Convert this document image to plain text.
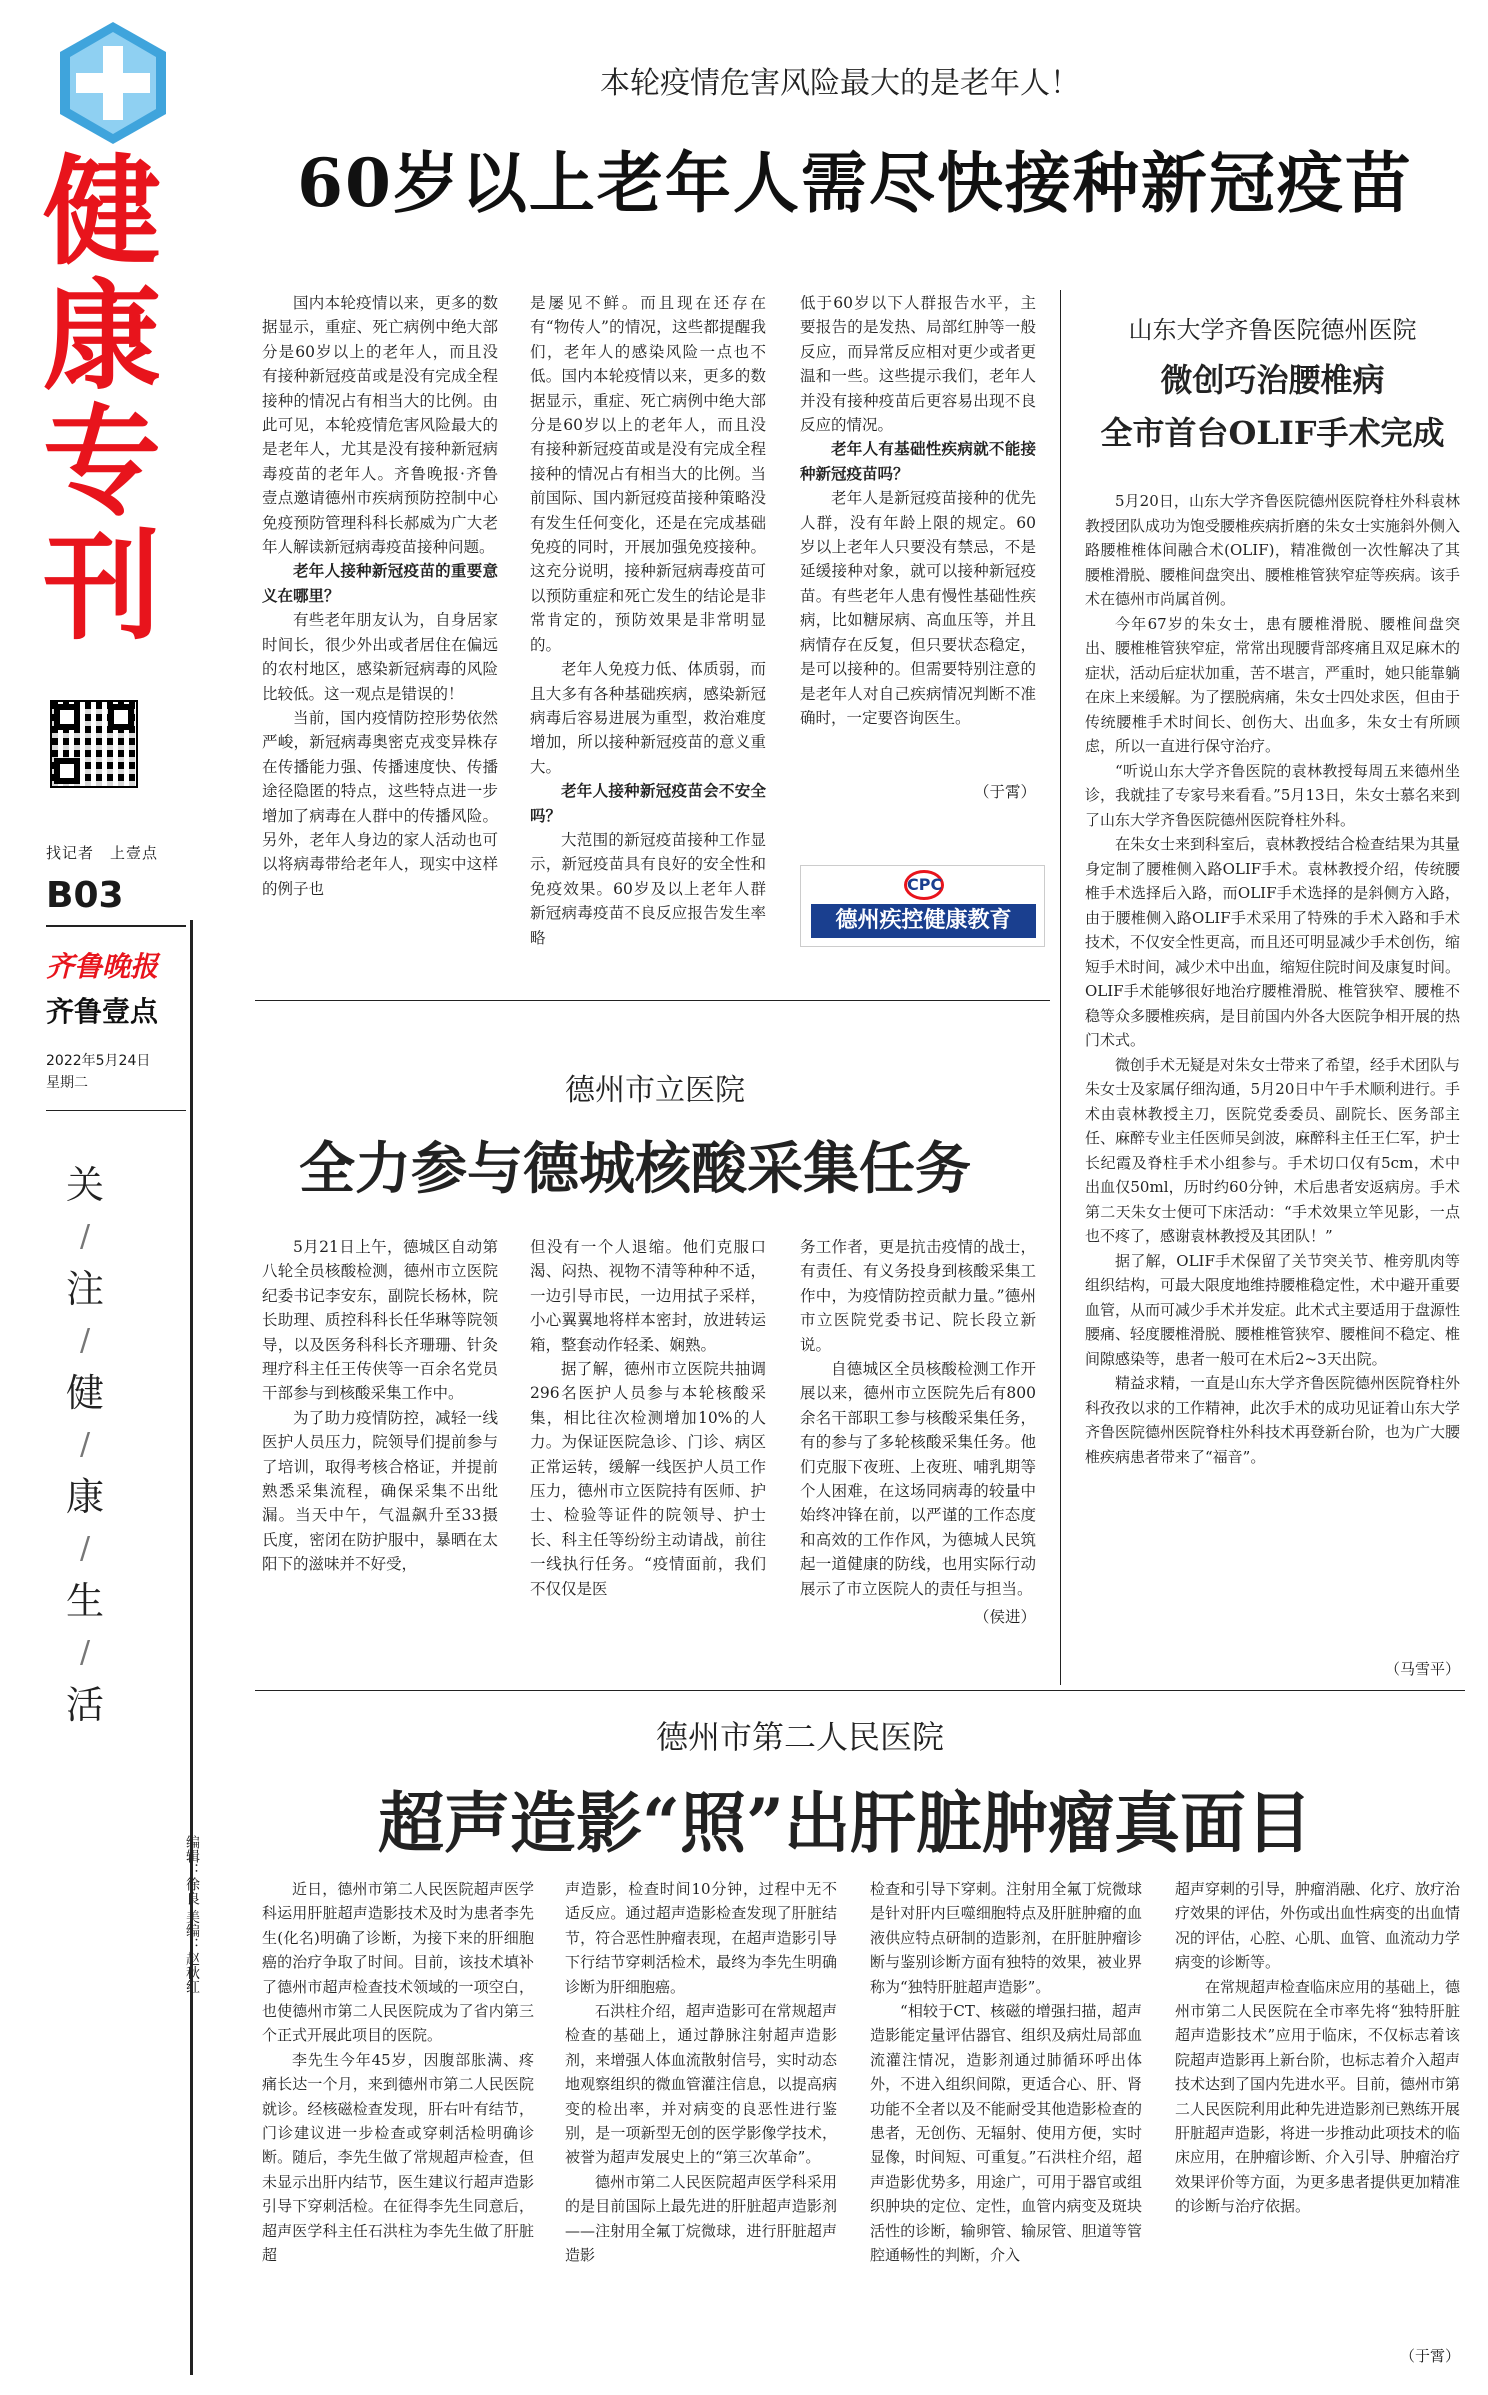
健
康
专
刊
找记者　上壹点
B03
齐鲁晚报
齐鲁壹点
2022年5月24日
星期二
关
/
注
/
健
/
康
/
生
/
活
本轮疫情危害风险最大的是老年人！
60岁以上老年人需尽快接种新冠疫苗

国内本轮疫情以来，更多的数据显示，重症、死亡病例中绝大部分是60岁以上的老年人，而且没有接种新冠疫苗或是没有完成全程接种的情况占有相当大的比例。由此可见，本轮疫情危害风险最大的是老年人，尤其是没有接种新冠病毒疫苗的老年人。齐鲁晚报·齐鲁壹点邀请德州市疾病预防控制中心免疫预防管理科科长郝威为广大老年人解读新冠病毒疫苗接种问题。

老年人接种新冠疫苗的重要意义在哪里？

有些老年朋友认为，自身居家时间长，很少外出或者居住在偏远的农村地区，感染新冠病毒的风险比较低。这一观点是错误的！

当前，国内疫情防控形势依然严峻，新冠病毒奥密克戎变异株存在传播能力强、传播速度快、传播途径隐匿的特点，这些特点进一步增加了病毒在人群中的传播风险。另外，老年人身边的家人活动也可以将病毒带给老年人，现实中这样的例子也

是屡见不鲜。而且现在还存在有“物传人”的情况，这些都提醒我们，老年人的感染风险一点也不低。国内本轮疫情以来，更多的数据显示，重症、死亡病例中绝大部分是60岁以上的老年人，而且没有接种新冠疫苗或是没有完成全程接种的情况占有相当大的比例。当前国际、国内新冠疫苗接种策略没有发生任何变化，还是在完成基础免疫的同时，开展加强免疫接种。这充分说明，接种新冠病毒疫苗可以预防重症和死亡发生的结论是非常肯定的，预防效果是非常明显的。

老年人免疫力低、体质弱，而且大多有各种基础疾病，感染新冠病毒后容易进展为重型，救治难度增加，所以接种新冠疫苗的意义重大。

老年人接种新冠疫苗会不安全吗？

大范围的新冠疫苗接种工作显示，新冠疫苗具有良好的安全性和免疫效果。60岁及以上老年人群新冠病毒疫苗不良反应报告发生率略

低于60岁以下人群报告水平，主要报告的是发热、局部红肿等一般反应，而异常反应相对更少或者更温和一些。这些提示我们，老年人并没有接种疫苗后更容易出现不良反应的情况。

老年人有基础性疾病就不能接种新冠疫苗吗？

老年人是新冠疫苗接种的优先人群，没有年龄上限的规定。60岁以上老年人只要没有禁忌，不是延缓接种对象，就可以接种新冠疫苗。有些老年人患有慢性基础性疾病，比如糖尿病、高血压等，并且病情存在反复，但只要状态稳定，是可以接种的。但需要特别注意的是老年人对自己疾病情况判断不准确时，一定要咨询医生。

（于霄）
CPC
德州疾控健康教育
山东大学齐鲁医院德州医院
微创巧治腰椎病
全市首台OLIF手术完成

5月20日，山东大学齐鲁医院德州医院脊柱外科袁林教授团队成功为饱受腰椎疾病折磨的朱女士实施斜外侧入路腰椎椎体间融合术(OLIF)，精准微创一次性解决了其腰椎滑脱、腰椎间盘突出、腰椎椎管狭窄症等疾病。该手术在德州市尚属首例。

今年67岁的朱女士，患有腰椎滑脱、腰椎间盘突出、腰椎椎管狭窄症，常常出现腰背部疼痛且双足麻木的症状，活动后症状加重，苦不堪言，严重时，她只能靠躺在床上来缓解。为了摆脱病痛，朱女士四处求医，但由于传统腰椎手术时间长、创伤大、出血多，朱女士有所顾虑，所以一直进行保守治疗。

“听说山东大学齐鲁医院的袁林教授每周五来德州坐诊，我就挂了专家号来看看。”5月13日，朱女士慕名来到了山东大学齐鲁医院德州医院脊柱外科。

在朱女士来到科室后，袁林教授结合检查结果为其量身定制了腰椎侧入路OLIF手术。袁林教授介绍，传统腰椎手术选择后入路，而OLIF手术选择的是斜侧方入路，由于腰椎侧入路OLIF手术采用了特殊的手术入路和手术技术，不仅安全性更高，而且还可明显减少手术创伤，缩短手术时间，减少术中出血，缩短住院时间及康复时间。OLIF手术能够很好地治疗腰椎滑脱、椎管狭窄、腰椎不稳等众多腰椎疾病，是目前国内外各大医院争相开展的热门术式。

微创手术无疑是对朱女士带来了希望，经手术团队与朱女士及家属仔细沟通，5月20日中午手术顺利进行。手术由袁林教授主刀，医院党委委员、副院长、医务部主任、麻醉专业主任医师吴剑波，麻醉科主任王仁军，护士长纪霞及脊柱手术小组参与。手术切口仅有5cm，术中出血仅50ml，历时约60分钟，术后患者安返病房。手术第二天朱女士便可下床活动：“手术效果立竿见影，一点也不疼了，感谢袁林教授及其团队！”

据了解，OLIF手术保留了关节突关节、椎旁肌肉等组织结构，可最大限度地维持腰椎稳定性，术中避开重要血管，从而可减少手术并发症。此术式主要适用于盘源性腰痛、轻度腰椎滑脱、腰椎椎管狭窄、腰椎间不稳定、椎间隙感染等，患者一般可在术后2~3天出院。

精益求精，一直是山东大学齐鲁医院德州医院脊柱外科孜孜以求的工作精神，此次手术的成功见证着山东大学齐鲁医院德州医院脊柱外科技术再登新台阶，也为广大腰椎疾病患者带来了“福音”。

（马雪平）
德州市立医院
全力参与德城核酸采集任务

5月21日上午，德城区自动第八轮全员核酸检测，德州市立医院纪委书记李安东，副院长杨林，院长助理、质控科科长任华琳等院领导，以及医务科科长齐珊珊、针灸理疗科主任王传侠等一百余名党员干部参与到核酸采集工作中。

为了助力疫情防控，减轻一线医护人员压力，院领导们提前参与了培训，取得考核合格证，并提前熟悉采集流程，确保采集不出纰漏。当天中午，气温飙升至33摄氏度，密闭在防护服中，暴晒在太阳下的滋味并不好受，

但没有一个人退缩。他们克服口渴、闷热、视物不清等种种不适，一边引导市民，一边用拭子采样，小心翼翼地将样本密封，放进转运箱，整套动作轻柔、娴熟。

据了解，德州市立医院共抽调296名医护人员参与本轮核酸采集，相比往次检测增加10%的人力。为保证医院急诊、门诊、病区正常运转，缓解一线医护人员工作压力，德州市立医院持有医师、护士、检验等证件的院领导、护士长、科主任等纷纷主动请战，前往一线执行任务。“疫情面前，我们不仅仅是医

务工作者，更是抗击疫情的战士，有责任、有义务投身到核酸采集工作中，为疫情防控贡献力量。”德州市立医院党委书记、院长段立新说。

自德城区全员核酸检测工作开展以来，德州市立医院先后有800余名干部职工参与核酸采集任务，有的参与了多轮核酸采集任务。他们克服下夜班、上夜班、哺乳期等个人困难，在这场同病毒的较量中始终冲锋在前，以严谨的工作态度和高效的工作作风，为德城人民筑起一道健康的防线，也用实际行动展示了市立医院人的责任与担当。

（侯进）
德州市第二人民医院
超声造影“照”出肝脏肿瘤真面目

近日，德州市第二人民医院超声医学科运用肝脏超声造影技术及时为患者李先生(化名)明确了诊断，为接下来的肝细胞癌的治疗争取了时间。目前，该技术填补了德州市超声检查技术领域的一项空白，也使德州市第二人民医院成为了省内第三个正式开展此项目的医院。

李先生今年45岁，因腹部胀满、疼痛长达一个月，来到德州市第二人民医院就诊。经核磁检查发现，肝右叶有结节，门诊建议进一步检查或穿刺活检明确诊断。随后，李先生做了常规超声检查，但未显示出肝内结节，医生建议行超声造影引导下穿刺活检。在征得李先生同意后，超声医学科主任石洪柱为李先生做了肝脏超

声造影，检查时间10分钟，过程中无不适反应。通过超声造影检查发现了肝脏结节，符合恶性肿瘤表现，在超声造影引导下行结节穿刺活检术，最终为李先生明确诊断为肝细胞癌。

石洪柱介绍，超声造影可在常规超声检查的基础上，通过静脉注射超声造影剂，来增强人体血流散射信号，实时动态地观察组织的微血管灌注信息，以提高病变的检出率，并对病变的良恶性进行鉴别，是一项新型无创的医学影像学技术，被誉为超声发展史上的“第三次革命”。

德州市第二人民医院超声医学科采用的是目前国际上最先进的肝脏超声造影剂——注射用全氟丁烷微球，进行肝脏超声造影

检查和引导下穿刺。注射用全氟丁烷微球是针对肝内巨噬细胞特点及肝脏肿瘤的血液供应特点研制的造影剂，在肝脏肿瘤诊断与鉴别诊断方面有独特的效果，被业界称为“独特肝脏超声造影”。

“相较于CT、核磁的增强扫描，超声造影能定量评估器官、组织及病灶局部血流灌注情况，造影剂通过肺循环呼出体外，不进入组织间隙，更适合心、肝、肾功能不全者以及不能耐受其他造影检查的患者，无创伤、无辐射、使用方便，实时显像，时间短、可重复。”石洪柱介绍，超声造影优势多，用途广，可用于器官或组织肿块的定位、定性，血管内病变及斑块活性的诊断，输卵管、输尿管、胆道等管腔通畅性的判断，介入

超声穿刺的引导，肿瘤消融、化疗、放疗治疗效果的评估，外伤或出血性病变的出血情况的评估，心腔、心肌、血管、血流动力学病变的诊断等。

在常规超声检查临床应用的基础上，德州市第二人民医院在全市率先将“独特肝脏超声造影技术”应用于临床，不仅标志着该院超声造影再上新台阶，也标志着介入超声技术达到了国内先进水平。目前，德州市第二人民医院利用此种先进造影剂已熟练开展肝脏超声造影，将进一步推动此项技术的临床应用，在肿瘤诊断、介入引导、肿瘤治疗效果评价等方面，为更多患者提供更加精准的诊断与治疗依据。

（于霄）
